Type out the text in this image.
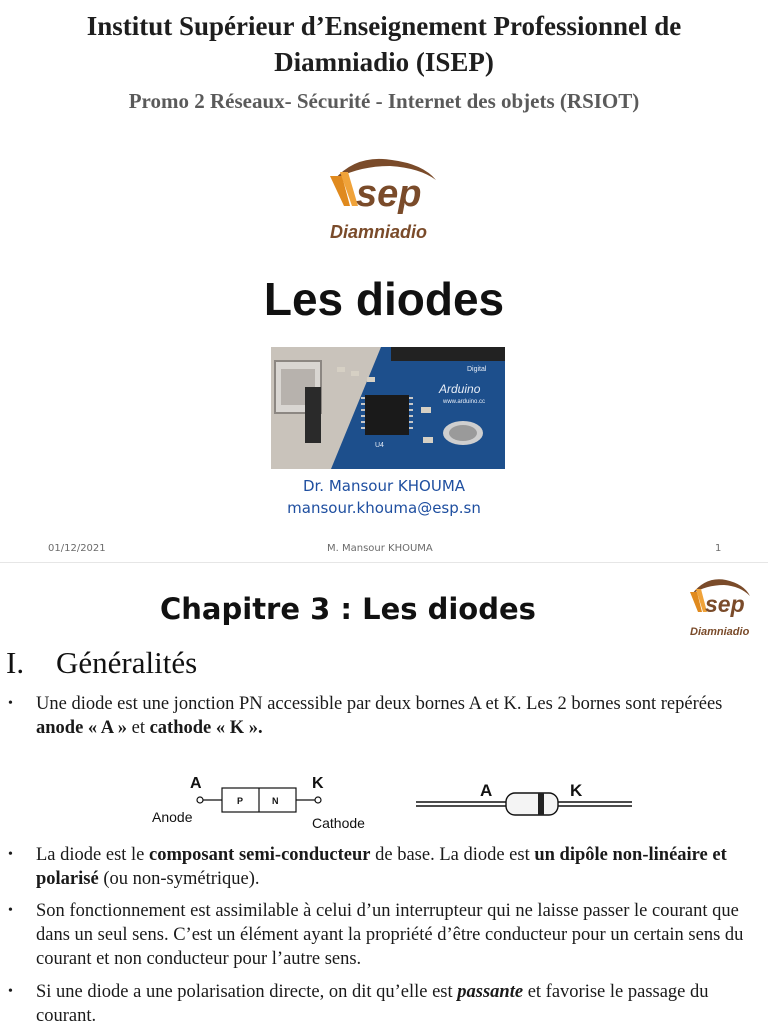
Institut Supérieur d’Enseignement Professionnel de
Diamniadio (ISEP)
Promo 2 Réseaux- Sécurité - Internet des objets (RSIOT)
sep
Diamniadio
Les diodes
Arduino
Digital
www.arduino.cc
U4
Dr. Mansour KHOUMA
mansour.khouma@esp.sn
01/12/2021	M. Mansour KHOUMA	1
Chapitre 3 : Les diodes	sep
Diamniadio
I. Généralités
•	Une diode est une jonction PN accessible par deux bornes A et K. Les 2 bornes sont repérées anode « A » et cathode « K ».
A	K
P	N
Anode	Cathode
A	K
•	La diode est le composant semi-conducteur de base. La diode est un dipôle non-linéaire et polarisé (ou non-symétrique).
•	Son fonctionnement est assimilable à celui d’un interrupteur qui ne laisse passer le courant que dans un seul sens. C’est un élément ayant la propriété d’être conducteur pour un certain sens du courant et non conducteur pour l’autre sens.
•	Si une diode a une polarisation directe, on dit qu’elle est passante et favorise le passage du courant.
